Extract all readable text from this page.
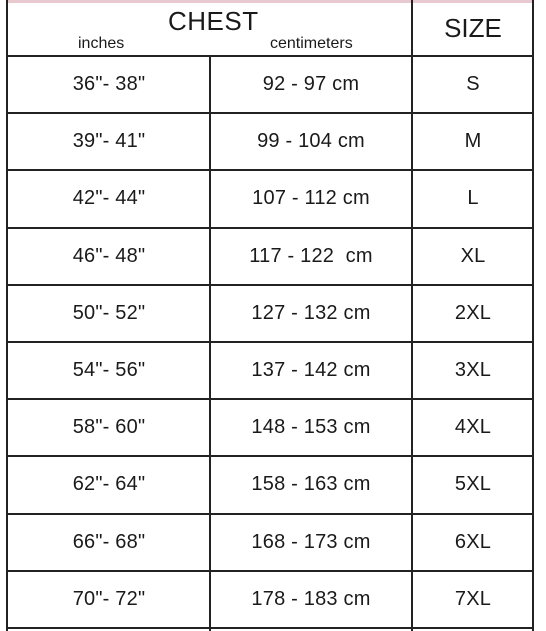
CHEST
inches	centimeters
SIZE
36"- 38"	92 - 97 cm	S
39"- 41"	99 - 104 cm	M
42"- 44"	107 - 112 cm	L
46"- 48"	117 - 122  cm	XL
50"- 52"	127 - 132 cm	2XL
54"- 56"	137 - 142 cm	3XL
58"- 60"	148 - 153 cm	4XL
62"- 64"	158 - 163 cm	5XL
66"- 68"	168 - 173 cm	6XL
70"- 72"	178 - 183 cm	7XL
